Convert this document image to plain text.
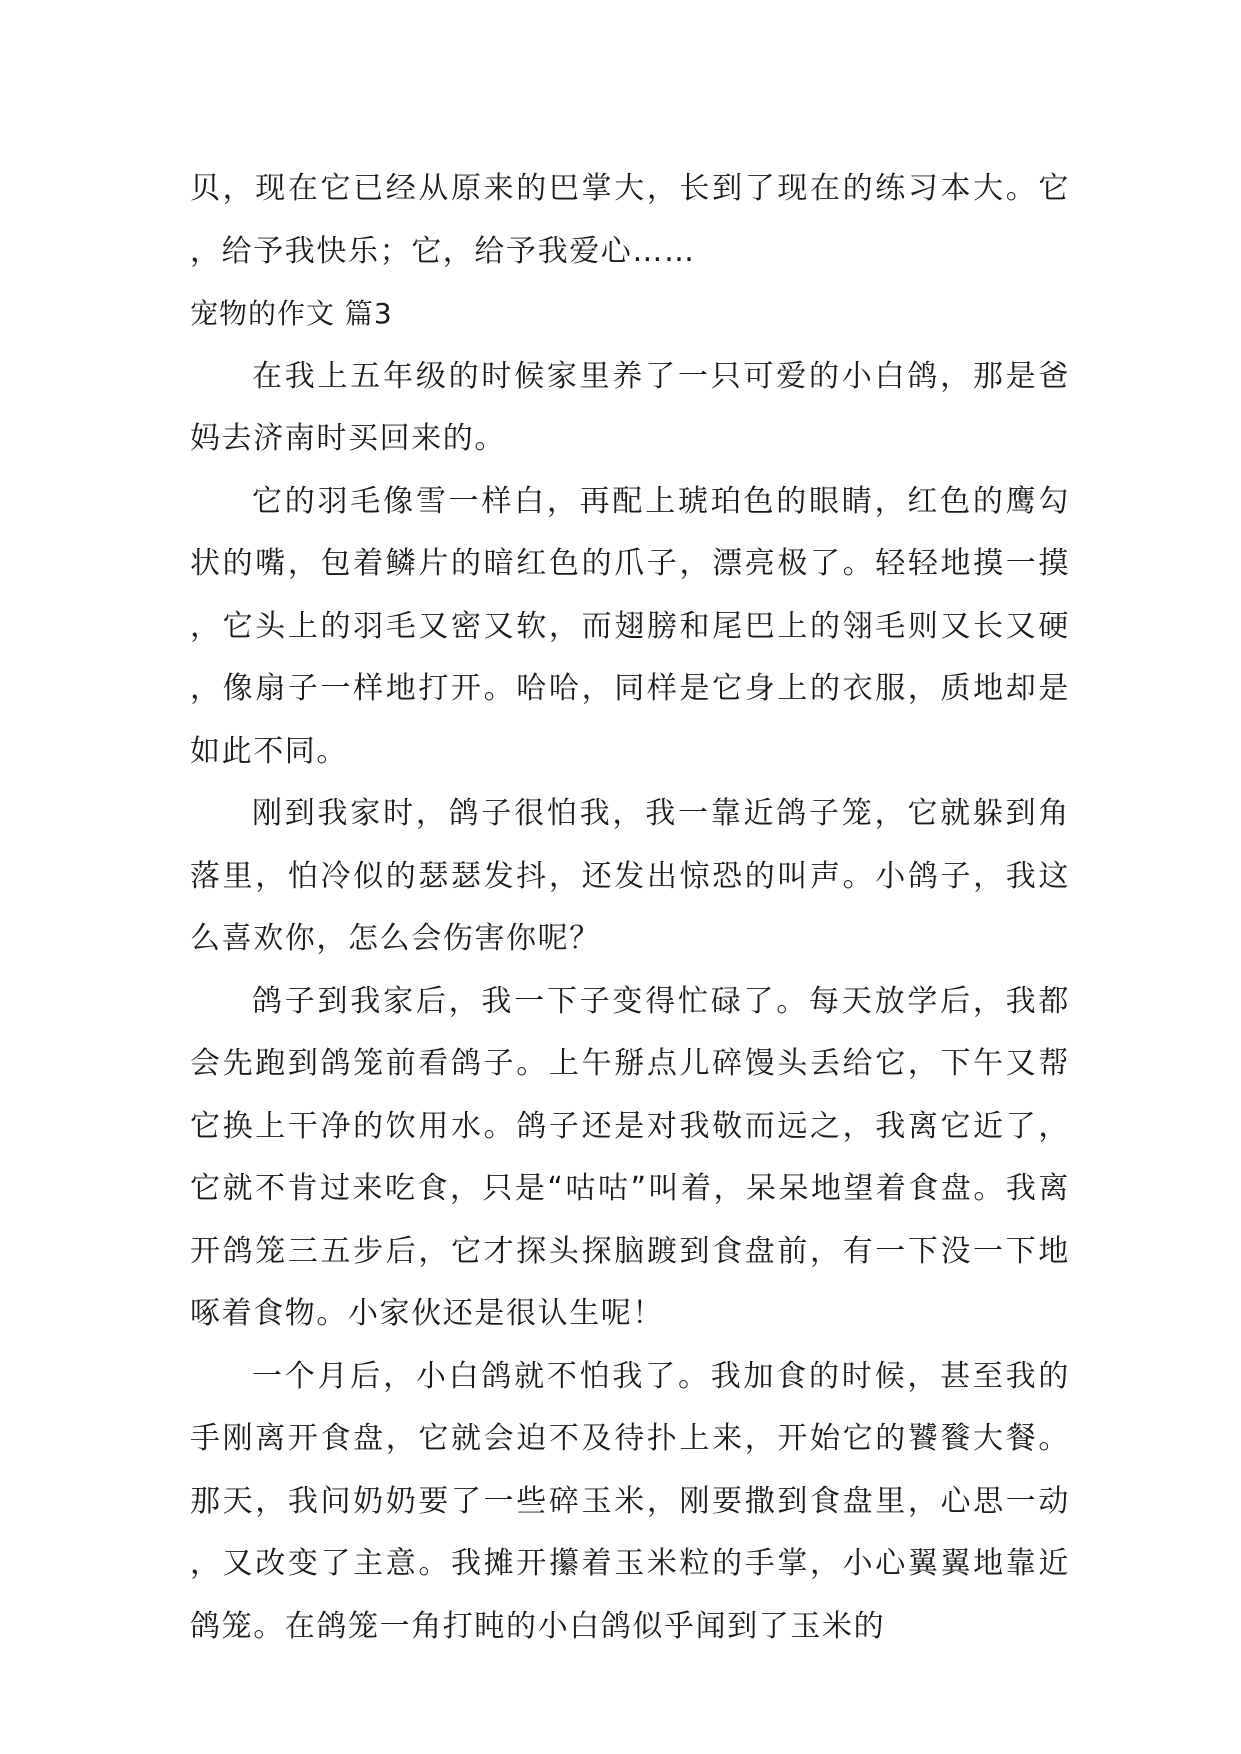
贝，现在它已经从原来的巴掌大，长到了现在的练习本大。它，给予我快乐；它，给予我爱心……

宠物的作文 篇3

在我上五年级的时候家里养了一只可爱的小白鸽，那是爸妈去济南时买回来的。

它的羽毛像雪一样白，再配上琥珀色的眼睛，红色的鹰勾状的嘴，包着鳞片的暗红色的爪子，漂亮极了。轻轻地摸一摸，它头上的羽毛又密又软，而翅膀和尾巴上的翎毛则又长又硬，像扇子一样地打开。哈哈，同样是它身上的衣服，质地却是如此不同。

刚到我家时，鸽子很怕我，我一靠近鸽子笼，它就躲到角落里，怕冷似的瑟瑟发抖，还发出惊恐的叫声。小鸽子，我这么喜欢你，怎么会伤害你呢？

鸽子到我家后，我一下子变得忙碌了。每天放学后，我都会先跑到鸽笼前看鸽子。上午掰点儿碎馒头丢给它，下午又帮它换上干净的饮用水。鸽子还是对我敬而远之，我离它近了，它就不肯过来吃食，只是“咕咕”叫着，呆呆地望着食盘。我离开鸽笼三五步后，它才探头探脑踱到食盘前，有一下没一下地啄着食物。小家伙还是很认生呢！

一个月后，小白鸽就不怕我了。我加食的时候，甚至我的手刚离开食盘，它就会迫不及待扑上来，开始它的饕餮大餐。那天，我问奶奶要了一些碎玉米，刚要撒到食盘里，心思一动，又改变了主意。我摊开攥着玉米粒的手掌，小心翼翼地靠近鸽笼。在鸽笼一角打盹的小白鸽似乎闻到了玉米的
